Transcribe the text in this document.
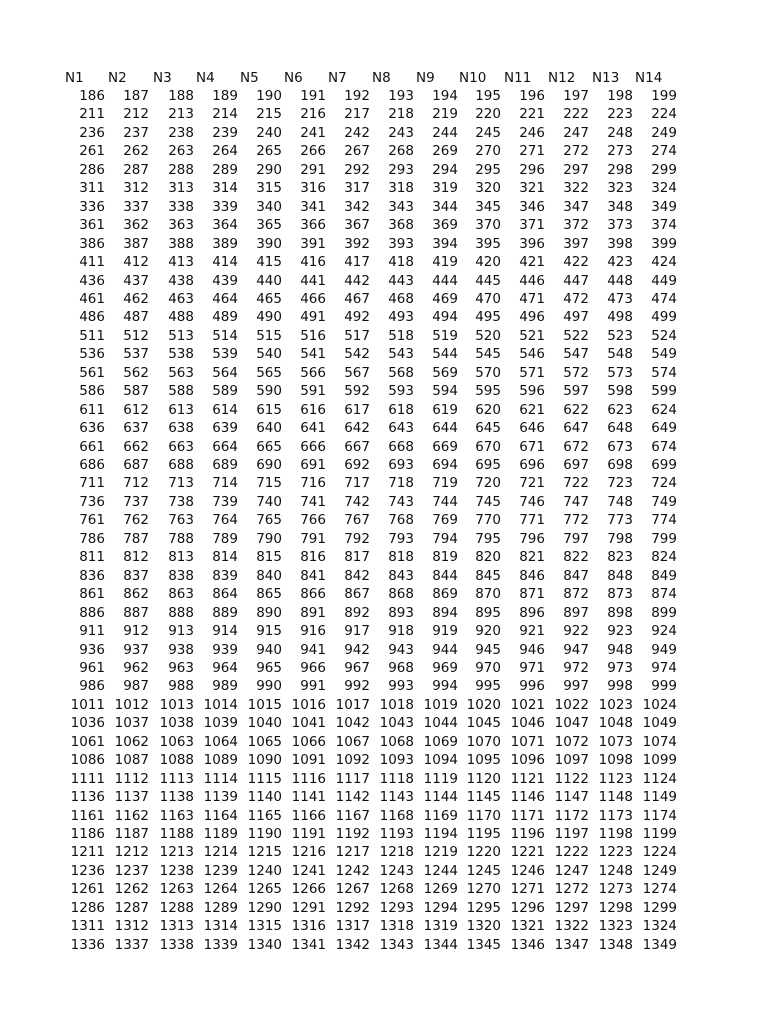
N1 N2 N3 N4 N5 N6 N7 N8 N9 N10 N11 N12 N13 N14
186	187	188	189	190	191	192	193	194	195	196	197	198	199
211	212	213	214	215	216	217	218	219	220	221	222	223	224
236	237	238	239	240	241	242	243	244	245	246	247	248	249
261	262	263	264	265	266	267	268	269	270	271	272	273	274
286	287	288	289	290	291	292	293	294	295	296	297	298	299
311	312	313	314	315	316	317	318	319	320	321	322	323	324
336	337	338	339	340	341	342	343	344	345	346	347	348	349
361	362	363	364	365	366	367	368	369	370	371	372	373	374
386	387	388	389	390	391	392	393	394	395	396	397	398	399
411	412	413	414	415	416	417	418	419	420	421	422	423	424
436	437	438	439	440	441	442	443	444	445	446	447	448	449
461	462	463	464	465	466	467	468	469	470	471	472	473	474
486	487	488	489	490	491	492	493	494	495	496	497	498	499
511	512	513	514	515	516	517	518	519	520	521	522	523	524
536	537	538	539	540	541	542	543	544	545	546	547	548	549
561	562	563	564	565	566	567	568	569	570	571	572	573	574
586	587	588	589	590	591	592	593	594	595	596	597	598	599
611	612	613	614	615	616	617	618	619	620	621	622	623	624
636	637	638	639	640	641	642	643	644	645	646	647	648	649
661	662	663	664	665	666	667	668	669	670	671	672	673	674
686	687	688	689	690	691	692	693	694	695	696	697	698	699
711	712	713	714	715	716	717	718	719	720	721	722	723	724
736	737	738	739	740	741	742	743	744	745	746	747	748	749
761	762	763	764	765	766	767	768	769	770	771	772	773	774
786	787	788	789	790	791	792	793	794	795	796	797	798	799
811	812	813	814	815	816	817	818	819	820	821	822	823	824
836	837	838	839	840	841	842	843	844	845	846	847	848	849
861	862	863	864	865	866	867	868	869	870	871	872	873	874
886	887	888	889	890	891	892	893	894	895	896	897	898	899
911	912	913	914	915	916	917	918	919	920	921	922	923	924
936	937	938	939	940	941	942	943	944	945	946	947	948	949
961	962	963	964	965	966	967	968	969	970	971	972	973	974
986	987	988	989	990	991	992	993	994	995	996	997	998	999
1011 1012 1013 1014 1015 1016 1017 1018 1019 1020 1021 1022 1023 1024
1036 1037 1038 1039 1040 1041 1042 1043 1044 1045 1046 1047 1048 1049
1061 1062 1063 1064 1065 1066 1067 1068 1069 1070 1071 1072 1073 1074
1086 1087 1088 1089 1090 1091 1092 1093 1094 1095 1096 1097 1098 1099
1111 1112 1113 1114 1115 1116 1117 1118 1119 1120 1121 1122 1123 1124
1136 1137 1138 1139 1140 1141 1142 1143 1144 1145 1146 1147 1148 1149
1161 1162 1163 1164 1165 1166 1167 1168 1169 1170 1171 1172 1173 1174
1186 1187 1188 1189 1190 1191 1192 1193 1194 1195 1196 1197 1198 1199
1211 1212 1213 1214 1215 1216 1217 1218 1219 1220 1221 1222 1223 1224
1236 1237 1238 1239 1240 1241 1242 1243 1244 1245 1246 1247 1248 1249
1261 1262 1263 1264 1265 1266 1267 1268 1269 1270 1271 1272 1273 1274
1286 1287 1288 1289 1290 1291 1292 1293 1294 1295 1296 1297 1298 1299
1311 1312 1313 1314 1315 1316 1317 1318 1319 1320 1321 1322 1323 1324
1336 1337 1338 1339 1340 1341 1342 1343 1344 1345 1346 1347 1348 1349
